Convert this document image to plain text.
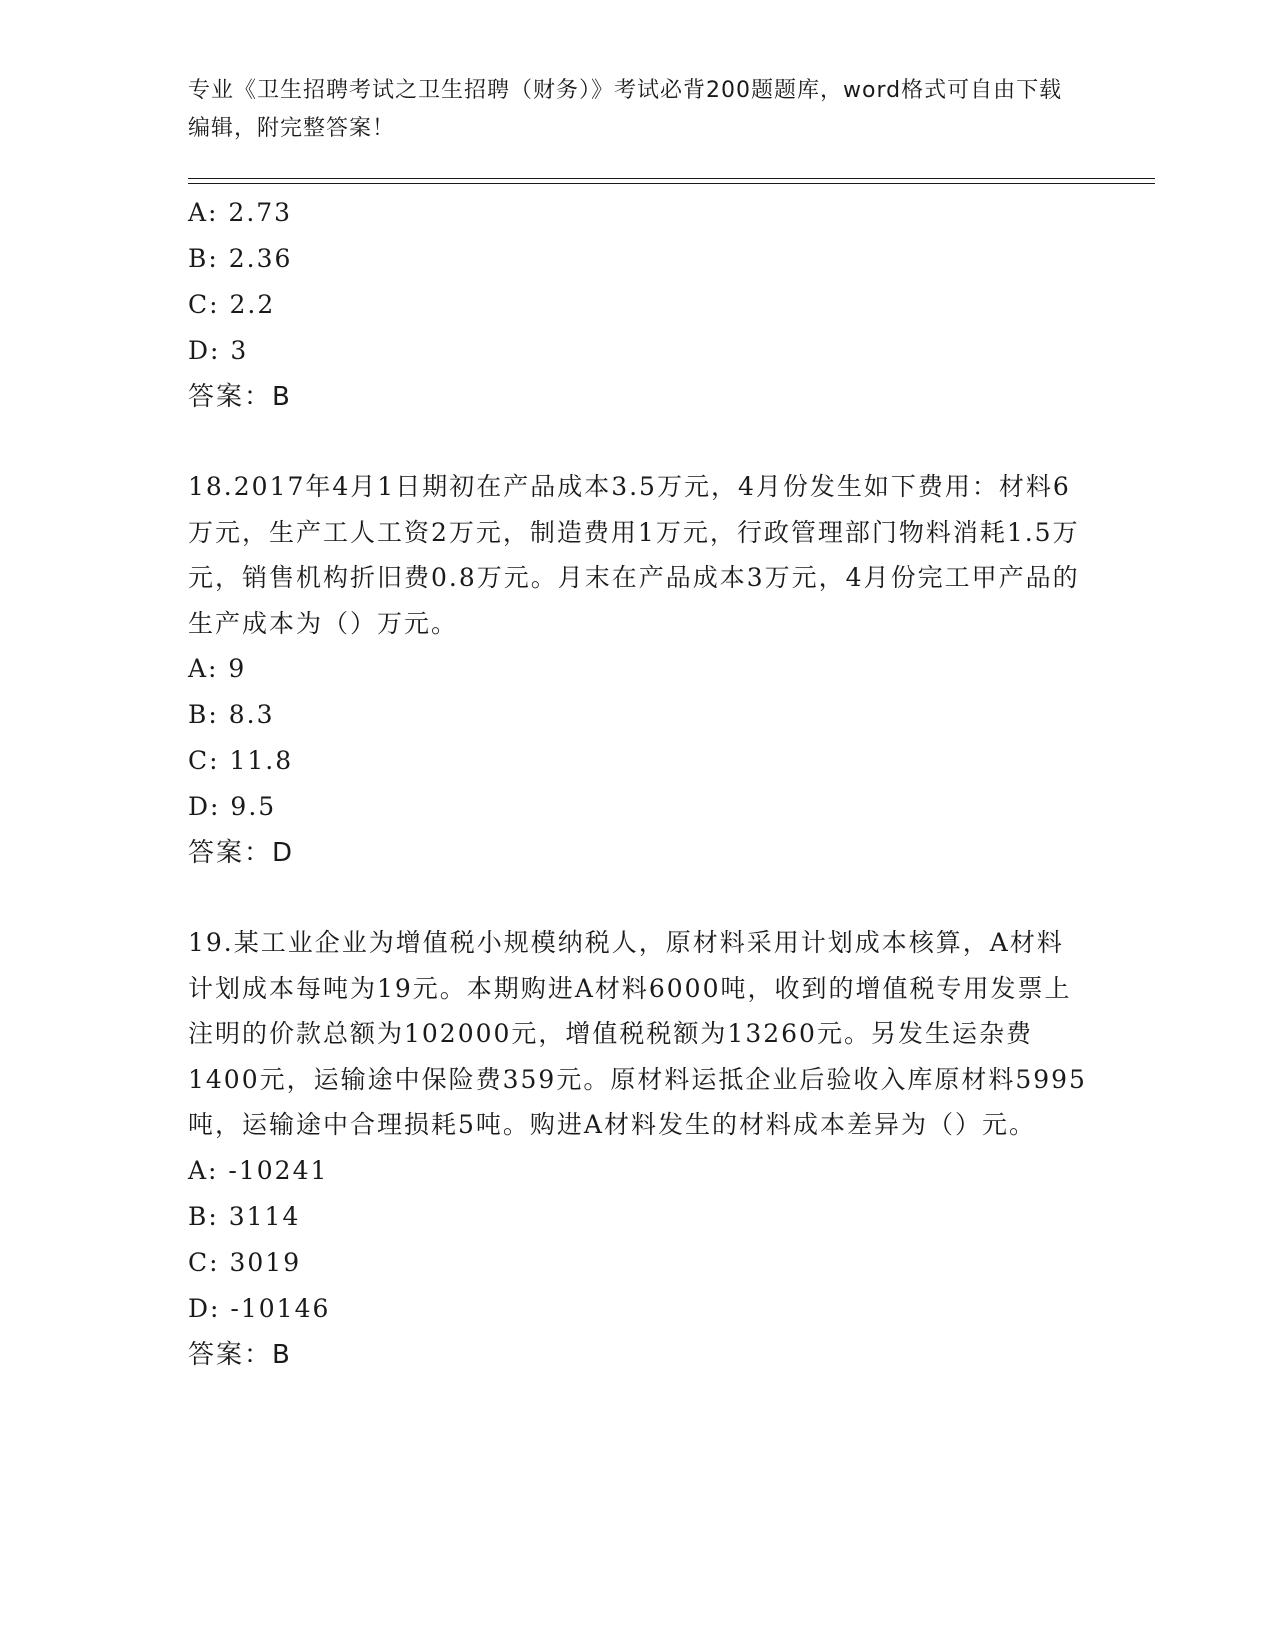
专业《卫生招聘考试之卫生招聘（财务）》考试必背200题题库，word格式可自由下载编辑，附完整答案！
A: 2.73
B: 2.36
C: 2.2
D: 3
答案：B
18.2017年4月1日期初在产品成本3.5万元，4月份发生如下费用：材料6万元，生产工人工资2万元，制造费用1万元，行政管理部门物料消耗1.5万元，销售机构折旧费0.8万元。月末在产品成本3万元，4月份完工甲产品的生产成本为（）万元。
A: 9
B: 8.3
C: 11.8
D: 9.5
答案：D
19.某工业企业为增值税小规模纳税人，原材料采用计划成本核算，A材料计划成本每吨为19元。本期购进A材料6000吨，收到的增值税专用发票上注明的价款总额为102000元，增值税税额为13260元。另发生运杂费1400元，运输途中保险费359元。原材料运抵企业后验收入库原材料5995吨，运输途中合理损耗5吨。购进A材料发生的材料成本差异为（）元。
A: -10241
B: 3114
C: 3019
D: -10146
答案：B
